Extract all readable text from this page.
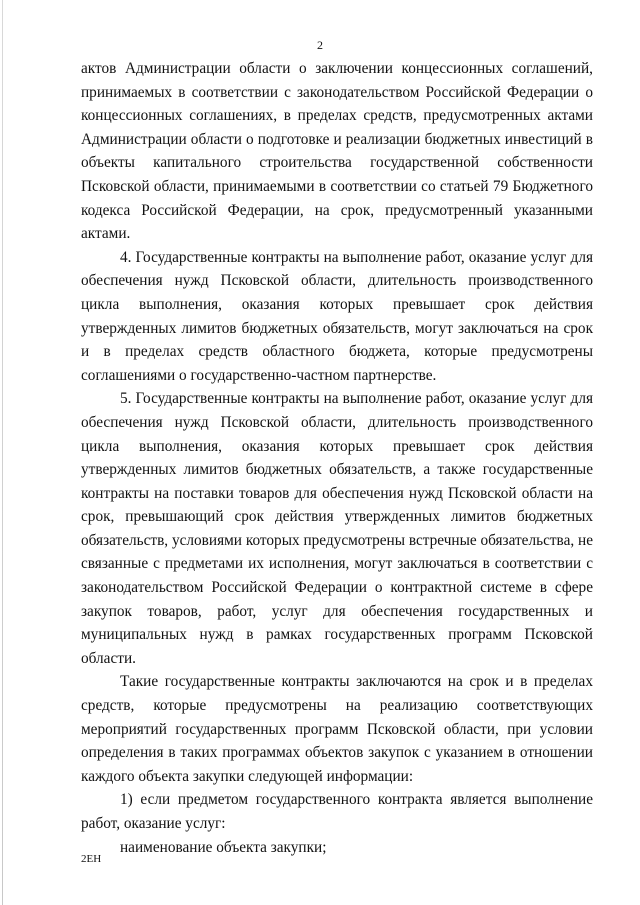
2

актов Администрации области о заключении концессионных соглашений, принимаемых в соответствии с законодательством Российской Федерации о концессионных соглашениях, в пределах средств, предусмотренных актами Администрации области о подготовке и реализации бюджетных инвестиций в объекты капитального строительства государственной собственности Псковской области, принимаемыми в соответствии со статьей 79 Бюджетного кодекса Российской Федерации, на срок, предусмотренный указанными актами.

4. Государственные контракты на выполнение работ, оказание услуг для обеспечения нужд Псковской области, длительность производственного цикла выполнения, оказания которых превышает срок действия утвержденных лимитов бюджетных обязательств, могут заключаться на срок и в пределах средств областного бюджета, которые предусмотрены соглашениями о государственно-частном партнерстве.

5. Государственные контракты на выполнение работ, оказание услуг для обеспечения нужд Псковской области, длительность производственного цикла выполнения, оказания которых превышает срок действия утвержденных лимитов бюджетных обязательств, а также государственные контракты на поставки товаров для обеспечения нужд Псковской области на срок, превышающий срок действия утвержденных лимитов бюджетных обязательств, условиями которых предусмотрены встречные обязательства, не связанные с предметами их исполнения, могут заключаться в соответствии с законодательством Российской Федерации о контрактной системе в сфере закупок товаров, работ, услуг для обеспечения государственных и муниципальных нужд в рамках государственных программ Псковской области.

Такие государственные контракты заключаются на срок и в пределах средств, которые предусмотрены на реализацию соответствующих мероприятий государственных программ Псковской области, при условии определения в таких программах объектов закупок с указанием в отношении каждого объекта закупки следующей информации:

1) если предметом государственного контракта является выполнение работ, оказание услуг:

наименование объекта закупки;

2ЕН
